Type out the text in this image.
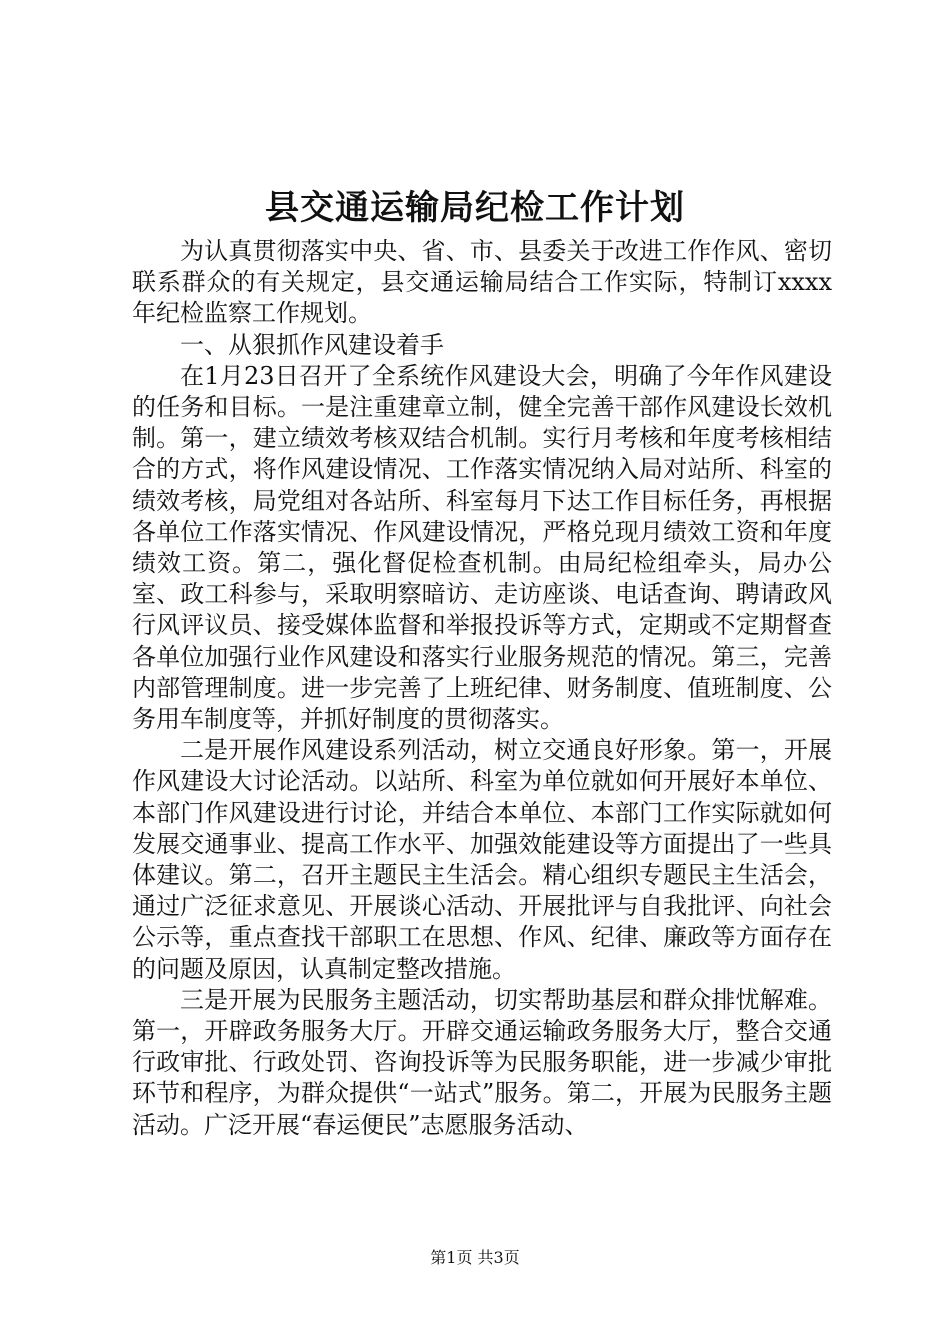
县交通运输局纪检工作计划

为认真贯彻落实中央、省、市、县委关于改进工作作风、密切联系群众的有关规定，县交通运输局结合工作实际，特制订xxxx年纪检监察工作规划。

一、从狠抓作风建设着手

在1月23日召开了全系统作风建设大会，明确了今年作风建设的任务和目标。一是注重建章立制，健全完善干部作风建设长效机制。第一，建立绩效考核双结合机制。实行月考核和年度考核相结合的方式，将作风建设情况、工作落实情况纳入局对站所、科室的绩效考核，局党组对各站所、科室每月下达工作目标任务，再根据各单位工作落实情况、作风建设情况，严格兑现月绩效工资和年度绩效工资。第二，强化督促检查机制。由局纪检组牵头，局办公室、政工科参与，采取明察暗访、走访座谈、电话查询、聘请政风行风评议员、接受媒体监督和举报投诉等方式，定期或不定期督查各单位加强行业作风建设和落实行业服务规范的情况。第三，完善内部管理制度。进一步完善了上班纪律、财务制度、值班制度、公务用车制度等，并抓好制度的贯彻落实。

二是开展作风建设系列活动，树立交通良好形象。第一，开展作风建设大讨论活动。以站所、科室为单位就如何开展好本单位、本部门作风建设进行讨论，并结合本单位、本部门工作实际就如何发展交通事业、提高工作水平、加强效能建设等方面提出了一些具体建议。第二，召开主题民主生活会。精心组织专题民主生活会，通过广泛征求意见、开展谈心活动、开展批评与自我批评、向社会公示等，重点查找干部职工在思想、作风、纪律、廉政等方面存在的问题及原因，认真制定整改措施。

三是开展为民服务主题活动，切实帮助基层和群众排忧解难。第一，开辟政务服务大厅。开辟交通运输政务服务大厅，整合交通行政审批、行政处罚、咨询投诉等为民服务职能，进一步减少审批环节和程序，为群众提供“一站式”服务。第二，开展为民服务主题活动。广泛开展“春运便民”志愿服务活动、

第1页 共3页
